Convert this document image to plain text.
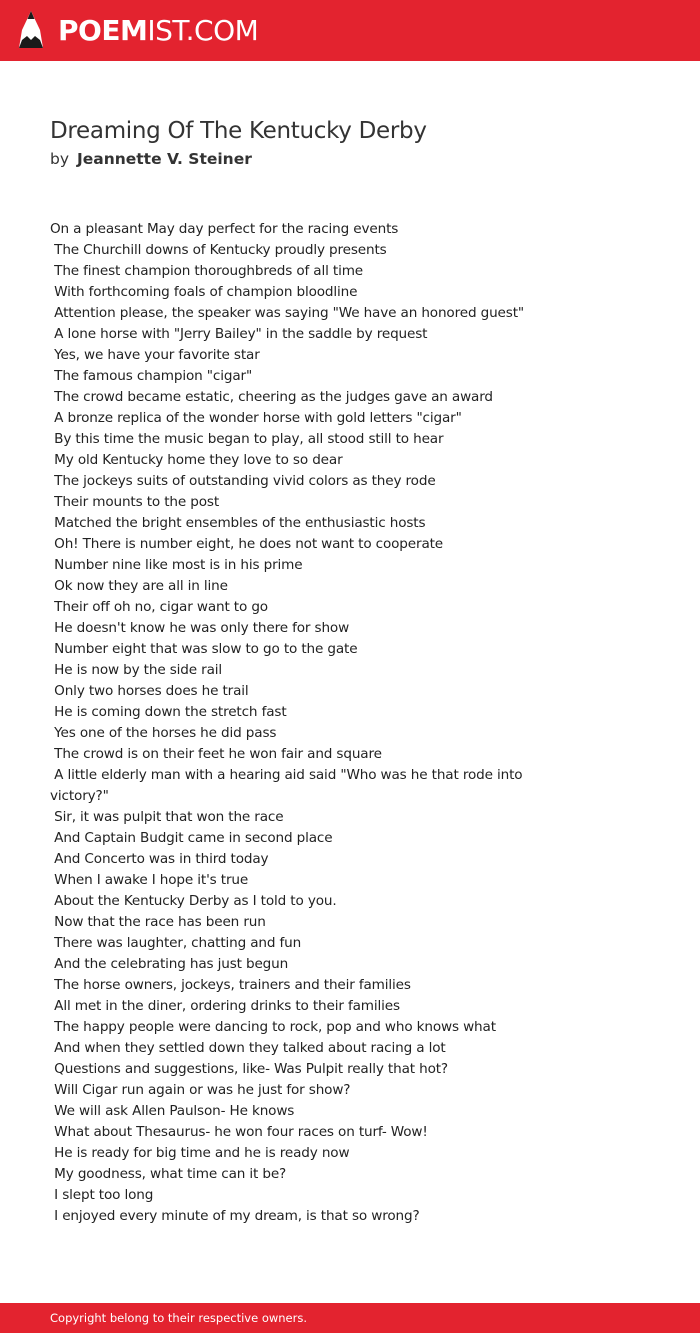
POEMIST.COM
Dreaming Of The Kentucky Derby
by Jeannette V. Steiner
On a pleasant May day perfect for the racing events
The Churchill downs of Kentucky proudly presents
The finest champion thoroughbreds of all time
With forthcoming foals of champion bloodline
Attention please, the speaker was saying "We have an honored guest"
A lone horse with "Jerry Bailey" in the saddle by request
Yes, we have your favorite star
The famous champion "cigar"
The crowd became estatic, cheering as the judges gave an award
A bronze replica of the wonder horse with gold letters "cigar"
By this time the music began to play, all stood still to hear
My old Kentucky home they love to so dear
The jockeys suits of outstanding vivid colors as they rode
Their mounts to the post
Matched the bright ensembles of the enthusiastic hosts
Oh! There is number eight, he does not want to cooperate
Number nine like most is in his prime
Ok now they are all in line
Their off oh no, cigar want to go
He doesn't know he was only there for show
Number eight that was slow to go to the gate
He is now by the side rail
Only two horses does he trail
He is coming down the stretch fast
Yes one of the horses he did pass
The crowd is on their feet he won fair and square
A little elderly man with a hearing aid said "Who was he that rode into
victory?"
Sir, it was pulpit that won the race
And Captain Budgit came in second place
And Concerto was in third today
When I awake I hope it's true
About the Kentucky Derby as I told to you.
Now that the race has been run
There was laughter, chatting and fun
And the celebrating has just begun
The horse owners, jockeys, trainers and their families
All met in the diner, ordering drinks to their families
The happy people were dancing to rock, pop and who knows what
And when they settled down they talked about racing a lot
Questions and suggestions, like- Was Pulpit really that hot?
Will Cigar run again or was he just for show?
We will ask Allen Paulson- He knows
What about Thesaurus- he won four races on turf- Wow!
He is ready for big time and he is ready now
My goodness, what time can it be?
I slept too long
I enjoyed every minute of my dream, is that so wrong?
Copyright belong to their respective owners.
